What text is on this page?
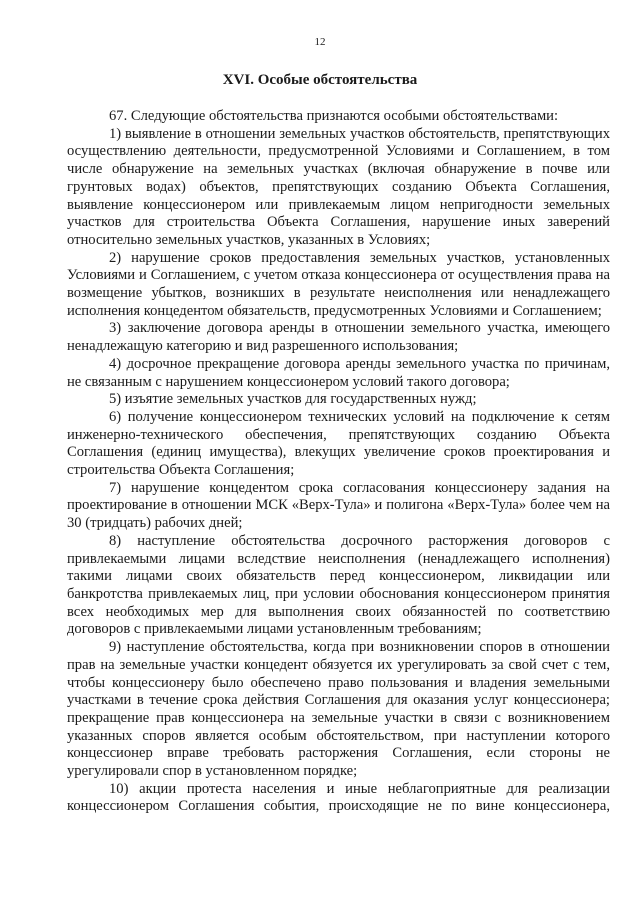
12
XVI. Особые обстоятельства

67. Следующие обстоятельства признаются особыми обстоятельствами:

1) выявление в отношении земельных участков обстоятельств, препятствующих осуществлению деятельности, предусмотренной Условиями и Соглашением, в том числе обнаружение на земельных участках (включая обнаружение в почве или грунтовых водах) объектов, препятствующих созданию Объекта Соглашения, выявление концессионером или привлекаемым лицом непригодности земельных участков для строительства Объекта Соглашения, нарушение иных заверений относительно земельных участков, указанных в Условиях;

2) нарушение сроков предоставления земельных участков, установленных Условиями и Соглашением, с учетом отказа концессионера от осуществления права на возмещение убытков, возникших в результате неисполнения или ненадлежащего исполнения концедентом обязательств, предусмотренных Условиями и Соглашением;

3) заключение договора аренды в отношении земельного участка, имеющего ненадлежащую категорию и вид разрешенного использования;

4) досрочное прекращение договора аренды земельного участка по причинам, не связанным с нарушением концессионером условий такого договора;

5) изъятие земельных участков для государственных нужд;

6) получение концессионером технических условий на подключение к сетям инженерно-технического обеспечения, препятствующих созданию Объекта Соглашения (единиц имущества), влекущих увеличение сроков проектирования и строительства Объекта Соглашения;

7) нарушение концедентом срока согласования концессионеру задания на проектирование в отношении МСК «Верх-Тула» и полигона «Верх-Тула» более чем на 30 (тридцать) рабочих дней;

8) наступление обстоятельства досрочного расторжения договоров с привлекаемыми лицами вследствие неисполнения (ненадлежащего исполнения) такими лицами своих обязательств перед концессионером, ликвидации или банкротства привлекаемых лиц, при условии обоснования концессионером принятия всех необходимых мер для выполнения своих обязанностей по соответствию договоров с привлекаемыми лицами установленным требованиям;

9) наступление обстоятельства, когда при возникновении споров в отношении прав на земельные участки концедент обязуется их урегулировать за свой счет с тем, чтобы концессионеру было обеспечено право пользования и владения земельными участками в течение срока действия Соглашения для оказания услуг концессионера; прекращение прав концессионера на земельные участки в связи с возникновением указанных споров является особым обстоятельством, при наступлении которого концессионер вправе требовать расторжения Соглашения, если стороны не урегулировали спор в установленном порядке;

10) акции протеста населения и иные неблагоприятные для реализации концессионером Соглашения события, происходящие не по вине концессионера,
